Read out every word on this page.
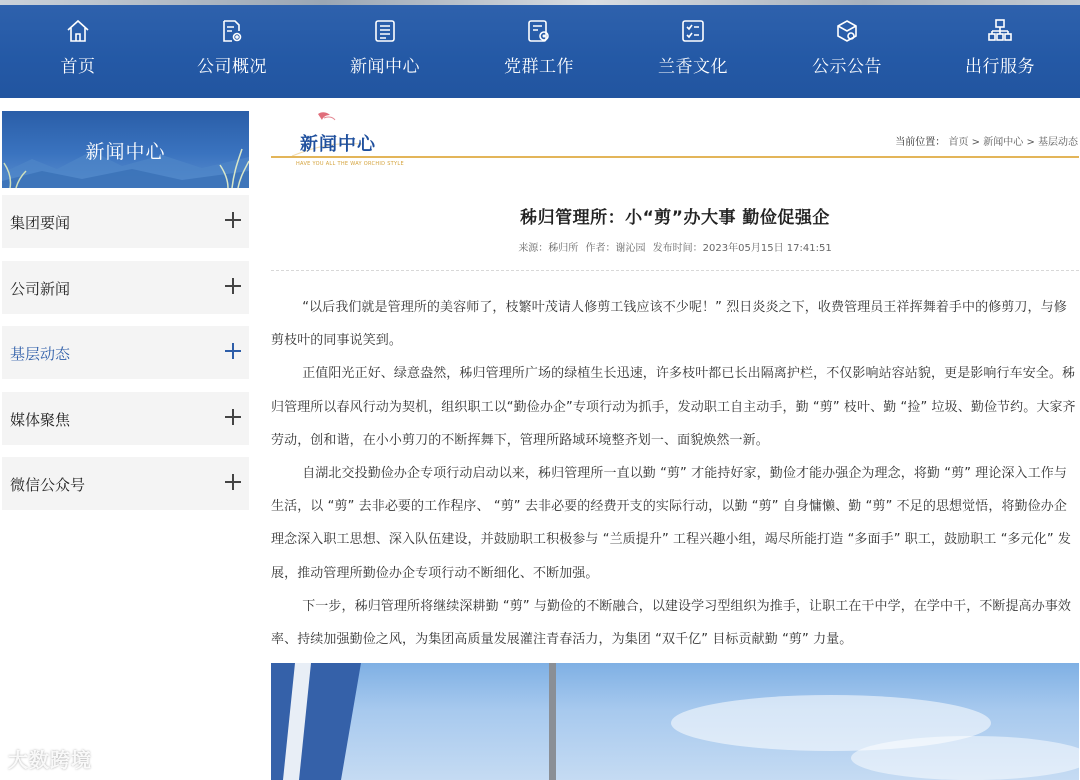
首页	公司概况	新闻中心	党群工作	兰香文化	公示公告	出行服务
新闻中心
集团要闻
公司新闻
基层动态
媒体聚焦
微信公众号
新闻中心
HAVE YOU ALL THE WAY ORCHID STYLE
当前位置： 首页 > 新闻中心 > 基层动态
秭归管理所：小“剪”办大事 勤俭促强企
来源：秭归所 作者：谢沁园 发布时间：2023年05月15日 17:41:51

“以后我们就是管理所的美容师了，枝繁叶茂请人修剪工钱应该不少呢！” 烈日炎炎之下，收费管理员王祥挥舞着手中的修剪刀，与修剪枝叶的同事说笑到。

正值阳光正好、绿意盎然，秭归管理所广场的绿植生长迅速，许多枝叶都已长出隔离护栏，不仅影响站容站貌，更是影响行车安全。秭归管理所以春风行动为契机，组织职工以“勤俭办企”专项行动为抓手，发动职工自主动手，勤 “剪” 枝叶、勤 “捡” 垃圾、勤俭节约。大家齐劳动，创和谐，在小小剪刀的不断挥舞下，管理所路域环境整齐划一、面貌焕然一新。

自湖北交投勤俭办企专项行动启动以来，秭归管理所一直以勤 “剪” 才能持好家，勤俭才能办强企为理念，将勤 “剪” 理论深入工作与生活，以 “剪” 去非必要的工作程序、 “剪” 去非必要的经费开支的实际行动，以勤 “剪” 自身慵懒、勤 “剪” 不足的思想觉悟，将勤俭办企理念深入职工思想、深入队伍建设，并鼓励职工积极参与 “兰质提升” 工程兴趣小组，竭尽所能打造 “多面手” 职工，鼓励职工 “多元化” 发展，推动管理所勤俭办企专项行动不断细化、不断加强。

下一步，秭归管理所将继续深耕勤 “剪” 与勤俭的不断融合，以建设学习型组织为推手，让职工在干中学，在学中干，不断提高办事效率、持续加强勤俭之风，为集团高质量发展灌注青春活力，为集团 “双千亿” 目标贡献勤 “剪” 力量。

大数跨境
